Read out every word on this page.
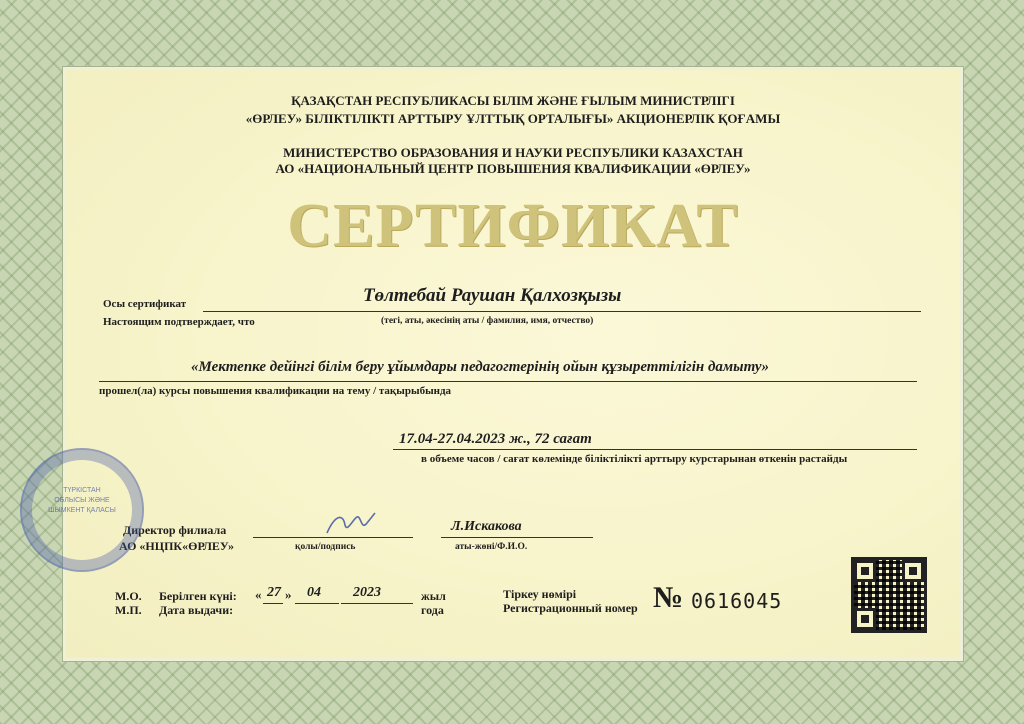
ҚАЗАҚСТАН РЕСПУБЛИКАСЫ БІЛІМ ЖӘНЕ ҒЫЛЫМ МИНИСТРЛІГІ
«ӨРЛЕУ» БІЛІКТІЛІКТІ АРТТЫРУ ҰЛТТЫҚ ОРТАЛЫҒЫ» АКЦИОНЕРЛІК ҚОҒАМЫ
МИНИСТЕРСТВО ОБРАЗОВАНИЯ И НАУКИ РЕСПУБЛИКИ КАЗАХСТАН
АО «НАЦИОНАЛЬНЫЙ ЦЕНТР ПОВЫШЕНИЯ КВАЛИФИКАЦИИ «ӨРЛЕУ»
СЕРТИФИКАТ
Осы сертификат	Төлтебай Раушан Қалхозқызы
Настоящим подтверждает, что	(тегі, аты, әкесінің аты / фамилия, имя, отчество)
«Мектепке дейінгі білім беру ұйымдары педагогтерінің ойын құзыреттілігін дамыту»
прошел(ла) курсы повышения квалификации на тему / тақырыбында
17.04-27.04.2023 ж., 72 сағат
в объеме часов / сағат көлемінде біліктілікті арттыру курстарынан өткенін растайды
Директор филиала
АО «НЦПК«ӨРЛЕУ»	қолы/подпись
Л.Искакова
аты-жөні/Ф.И.О.
М.О.
М.П.
Берілген күні:
Дата выдачи:
« 27 » 04 2023	жыл
года
Тіркеу нөмірі
Регистрационный номер № 0616045
ТҮРКІСТАН
ОБЛЫСЫ ЖӘНЕ
ШЫМКЕНТ ҚАЛАСЫ
